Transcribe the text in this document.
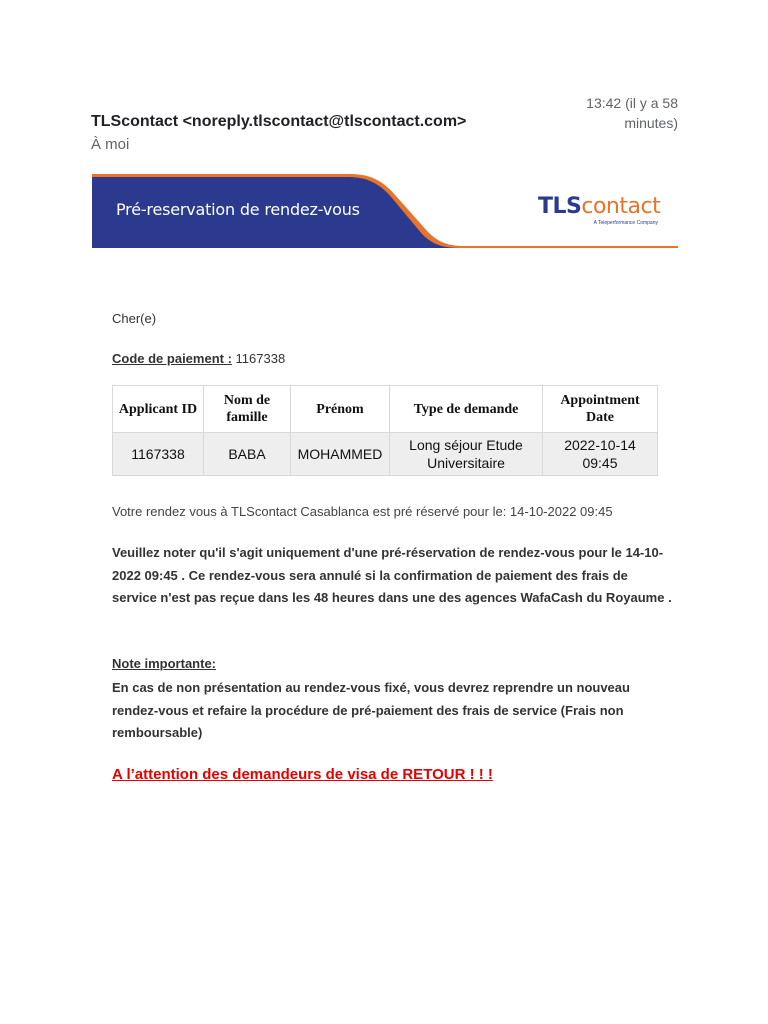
TLScontact <noreply.tlscontact@tlscontact.com>
À moi
13:42 (il y a 58 minutes)
Pré-reservation de rendez-vous	TLScontact
A Teleperformance Company
Cher(e)
Code de paiement : 1167338
Applicant ID	Nom de famille	Prénom	Type de demande	Appointment Date
1167338	BABA	MOHAMMED	Long séjour Etude Universitaire	2022-10-14 09:45
Votre rendez vous à TLScontact Casablanca est pré réservé pour le: 14-10-2022 09:45
Veuillez noter qu'il s'agit uniquement d'une pré-réservation de rendez-vous pour le 14-10-2022 09:45 . Ce rendez-vous sera annulé si la confirmation de paiement des frais de service n'est pas reçue dans les 48 heures dans une des agences WafaCash du Royaume .
Note importante:
En cas de non présentation au rendez-vous fixé, vous devrez reprendre un nouveau rendez-vous et refaire la procédure de pré-paiement des frais de service (Frais non remboursable)
A l’attention des demandeurs de visa de RETOUR ! ! !
